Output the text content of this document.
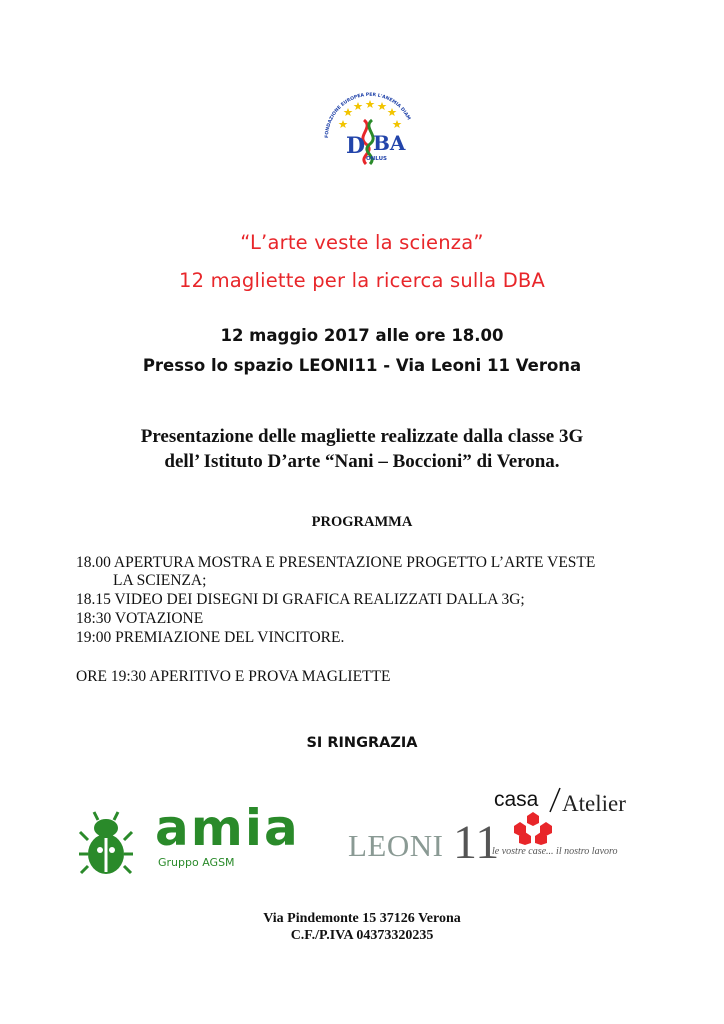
FONDAZIONE EUROPEA PER L'ANEMIA DIAM
D BA
ONLUS
“L’arte veste la scienza”
12 magliette per la ricerca sulla DBA
12 maggio 2017 alle ore 18.00
Presso lo spazio LEONI11 - Via Leoni 11 Verona
Presentazione delle magliette realizzate dalla classe 3G
dell’ Istituto D’arte “Nani – Boccioni” di Verona.
PROGRAMMA
18.00 APERTURA MOSTRA E PRESENTAZIONE PROGETTO L’ARTE VESTE
LA SCIENZA;
18.15 VIDEO DEI DISEGNI DI GRAFICA REALIZZATI DALLA 3G;
18:30 VOTAZIONE
19:00 PREMIAZIONE DEL VINCITORE.
ORE 19:30 APERITIVO E PROVA MAGLIETTE
SI RINGRAZIA
amia
Gruppo AGSM	LEONI 11
casa Atelier
le vostre case... il nostro lavoro
Via Pindemonte 15 37126 Verona
C.F./P.IVA 04373320235
